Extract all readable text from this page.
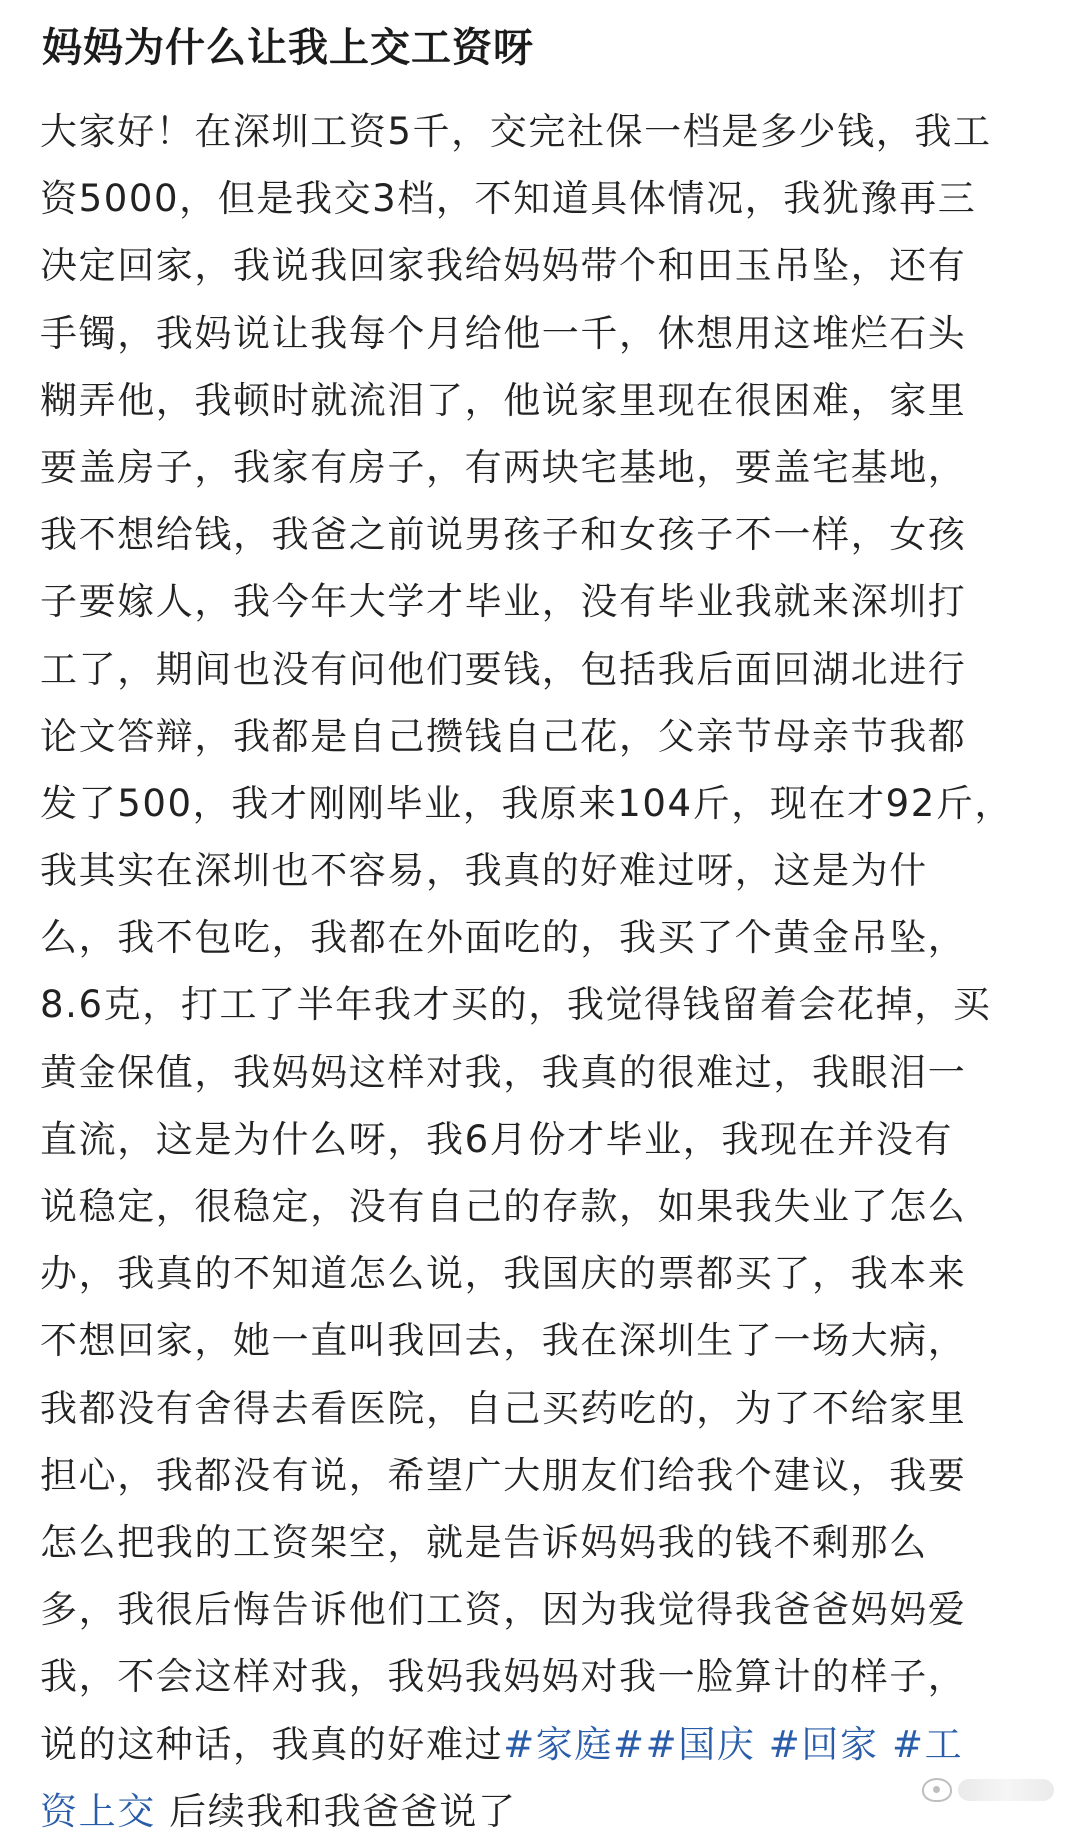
妈妈为什么让我上交工资呀
大家好！在深圳工资5千，交完社保一档是多少钱，我工
资5000，但是我交3档，不知道具体情况，我犹豫再三
决定回家，我说我回家我给妈妈带个和田玉吊坠，还有
手镯，我妈说让我每个月给他一千，休想用这堆烂石头
糊弄他，我顿时就流泪了，他说家里现在很困难，家里
要盖房子，我家有房子，有两块宅基地，要盖宅基地，
我不想给钱，我爸之前说男孩子和女孩子不一样，女孩
子要嫁人，我今年大学才毕业，没有毕业我就来深圳打
工了，期间也没有问他们要钱，包括我后面回湖北进行
论文答辩，我都是自己攒钱自己花，父亲节母亲节我都
发了500，我才刚刚毕业，我原来104斤，现在才92斤，
我其实在深圳也不容易，我真的好难过呀，这是为什
么，我不包吃，我都在外面吃的，我买了个黄金吊坠，
8.6克，打工了半年我才买的，我觉得钱留着会花掉，买
黄金保值，我妈妈这样对我，我真的很难过，我眼泪一
直流，这是为什么呀，我6月份才毕业，我现在并没有
说稳定，很稳定，没有自己的存款，如果我失业了怎么
办，我真的不知道怎么说，我国庆的票都买了，我本来
不想回家，她一直叫我回去，我在深圳生了一场大病，
我都没有舍得去看医院，自己买药吃的，为了不给家里
担心，我都没有说，希望广大朋友们给我个建议，我要
怎么把我的工资架空，就是告诉妈妈我的钱不剩那么
多，我很后悔告诉他们工资，因为我觉得我爸爸妈妈爱
我，不会这样对我，我妈我妈妈对我一脸算计的样子，
说的这种话，我真的好难过#家庭##国庆 #回家 #工
资上交 后续我和我爸爸说了
